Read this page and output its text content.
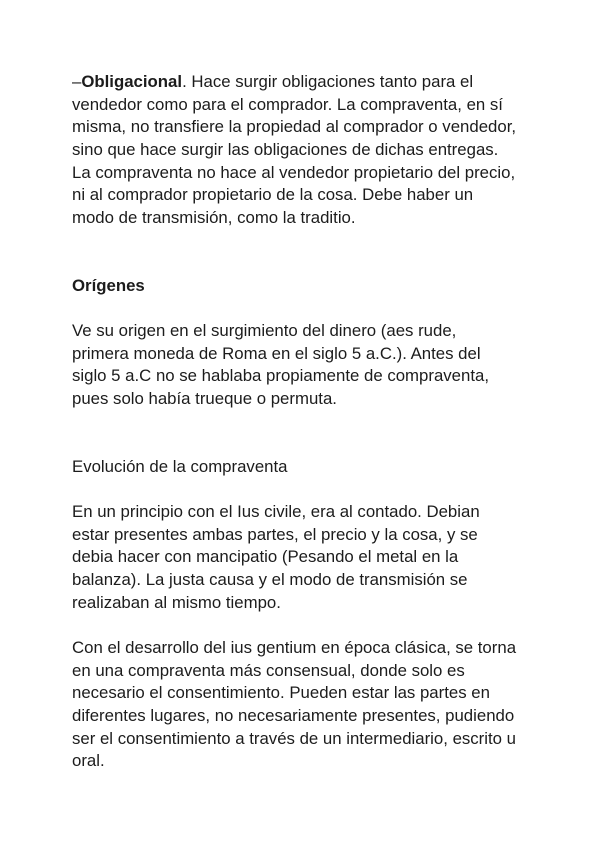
–Obligacional. Hace surgir obligaciones tanto para el
vendedor como para el comprador. La compraventa, en sí
misma, no transfiere la propiedad al comprador o vendedor,
sino que hace surgir las obligaciones de dichas entregas.
La compraventa no hace al vendedor propietario del precio,
ni al comprador propietario de la cosa. Debe haber un
modo de transmisión, como la traditio.
Orígenes
Ve su origen en el surgimiento del dinero (aes rude,
primera moneda de Roma en el siglo 5 a.C.). Antes del
siglo 5 a.C no se hablaba propiamente de compraventa,
pues solo había trueque o permuta.
Evolución de la compraventa
En un principio con el Ius civile, era al contado. Debian
estar presentes ambas partes, el precio y la cosa, y se
debia hacer con mancipatio (Pesando el metal en la
balanza). La justa causa y el modo de transmisión se
realizaban al mismo tiempo.
Con el desarrollo del ius gentium en época clásica, se torna
en una compraventa más consensual, donde solo es
necesario el consentimiento. Pueden estar las partes en
diferentes lugares, no necesariamente presentes, pudiendo
ser el consentimiento a través de un intermediario, escrito u
oral.
